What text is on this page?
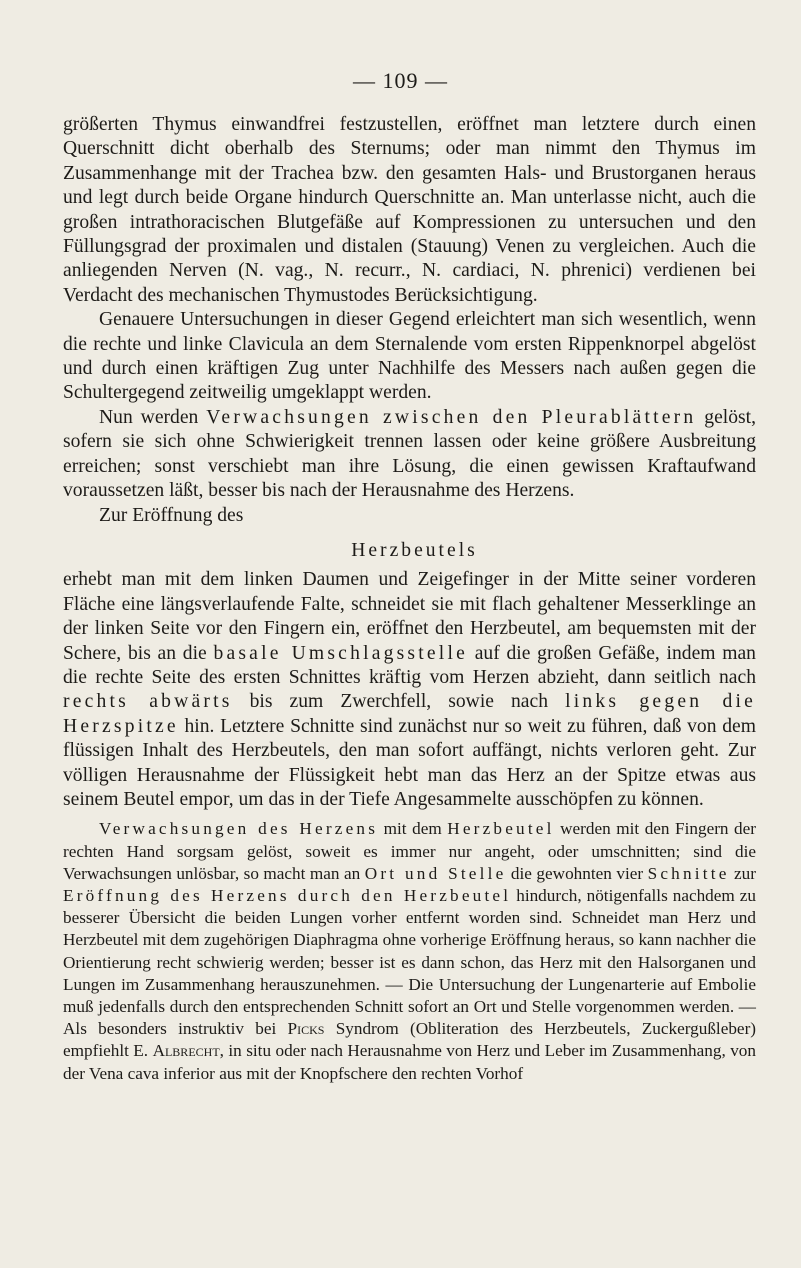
— 109 —

größerten Thymus einwandfrei festzustellen, eröffnet man letztere durch einen Querschnitt dicht oberhalb des Sternums; oder man nimmt den Thymus im Zusammenhange mit der Trachea bzw. den gesamten Hals- und Brustorganen heraus und legt durch beide Organe hindurch Querschnitte an. Man unterlasse nicht, auch die großen intrathoracischen Blutgefäße auf Kompressionen zu untersuchen und den Füllungsgrad der proximalen und distalen (Stauung) Venen zu vergleichen. Auch die anliegenden Nerven (N. vag., N. recurr., N. cardiaci, N. phrenici) verdienen bei Verdacht des mechanischen Thymustodes Berücksichtigung.

Genauere Untersuchungen in dieser Gegend erleichtert man sich wesentlich, wenn die rechte und linke Clavicula an dem Sternalende vom ersten Rippenknorpel abgelöst und durch einen kräftigen Zug unter Nachhilfe des Messers nach außen gegen die Schultergegend zeitweilig umgeklappt werden.

Nun werden Verwachsungen zwischen den Pleurablättern gelöst, sofern sie sich ohne Schwierigkeit trennen lassen oder keine größere Ausbreitung erreichen; sonst verschiebt man ihre Lösung, die einen gewissen Kraftaufwand voraussetzen läßt, besser bis nach der Herausnahme des Herzens.

Zur Eröffnung des

Herzbeutels

erhebt man mit dem linken Daumen und Zeigefinger in der Mitte seiner vorderen Fläche eine längsverlaufende Falte, schneidet sie mit flach gehaltener Messerklinge an der linken Seite vor den Fingern ein, eröffnet den Herzbeutel, am bequemsten mit der Schere, bis an die basale Umschlagsstelle auf die großen Gefäße, indem man die rechte Seite des ersten Schnittes kräftig vom Herzen abzieht, dann seitlich nach rechts abwärts bis zum Zwerchfell, sowie nach links gegen die Herzspitze hin. Letztere Schnitte sind zunächst nur so weit zu führen, daß von dem flüssigen Inhalt des Herzbeutels, den man sofort auffängt, nichts verloren geht. Zur völligen Herausnahme der Flüssigkeit hebt man das Herz an der Spitze etwas aus seinem Beutel empor, um das in der Tiefe Angesammelte ausschöpfen zu können.

Verwachsungen des Herzens mit dem Herzbeutel werden mit den Fingern der rechten Hand sorgsam gelöst, soweit es immer nur angeht, oder umschnitten; sind die Verwachsungen unlösbar, so macht man an Ort und Stelle die gewohnten vier Schnitte zur Eröffnung des Herzens durch den Herzbeutel hindurch, nötigenfalls nachdem zu besserer Übersicht die beiden Lungen vorher entfernt worden sind. Schneidet man Herz und Herzbeutel mit dem zugehörigen Diaphragma ohne vorherige Eröffnung heraus, so kann nachher die Orientierung recht schwierig werden; besser ist es dann schon, das Herz mit den Halsorganen und Lungen im Zusammenhang herauszunehmen. — Die Untersuchung der Lungenarterie auf Embolie muß jedenfalls durch den entsprechenden Schnitt sofort an Ort und Stelle vorgenommen werden. — Als besonders instruktiv bei Picks Syndrom (Obliteration des Herzbeutels, Zuckergußleber) empfiehlt E. Albrecht, in situ oder nach Herausnahme von Herz und Leber im Zusammenhang, von der Vena cava inferior aus mit der Knopfschere den rechten Vorhof
